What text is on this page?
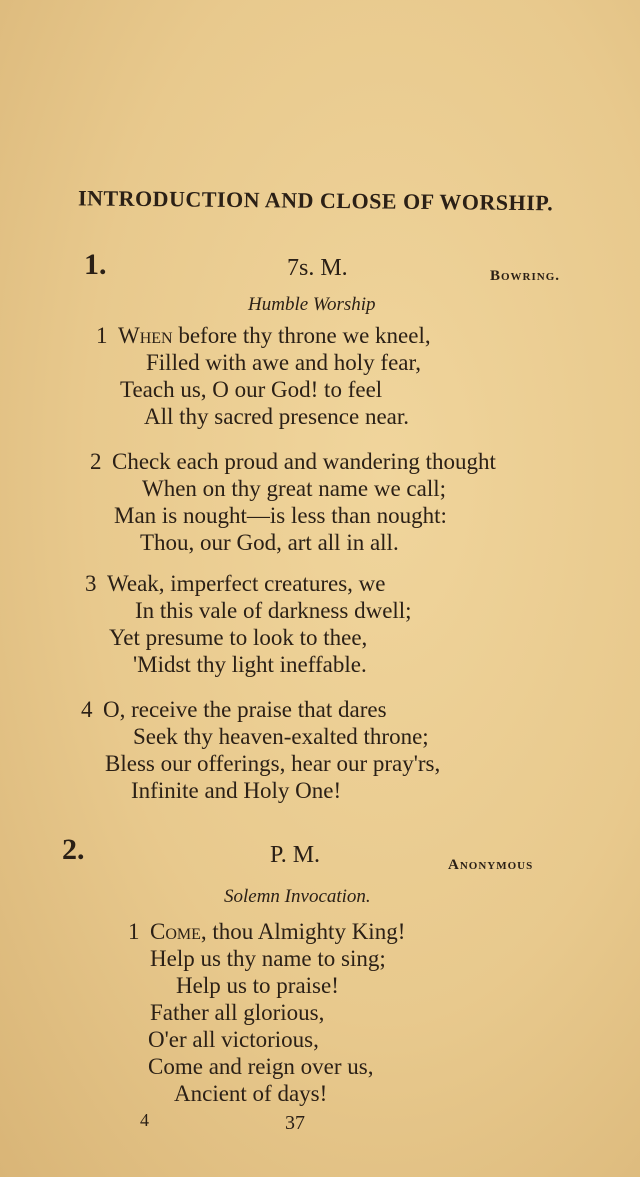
INTRODUCTION AND CLOSE OF WORSHIP.
1.	7s. M.	Bowring.
Humble Worship
1 When before thy throne we kneel,
Filled with awe and holy fear,
Teach us, O our God! to feel
All thy sacred presence near.
2 Check each proud and wandering thought
When on thy great name we call;
Man is nought—is less than nought:
Thou, our God, art all in all.
3 Weak, imperfect creatures, we
In this vale of darkness dwell;
Yet presume to look to thee,
'Midst thy light ineffable.
4 O, receive the praise that dares
Seek thy heaven-exalted throne;
Bless our offerings, hear our pray'rs,
Infinite and Holy One!
2.	P. M.	Anonymous
Solemn Invocation.
1 Come, thou Almighty King!
Help us thy name to sing;
Help us to praise!
Father all glorious,
O'er all victorious,
Come and reign over us,
Ancient of days!
4	37
